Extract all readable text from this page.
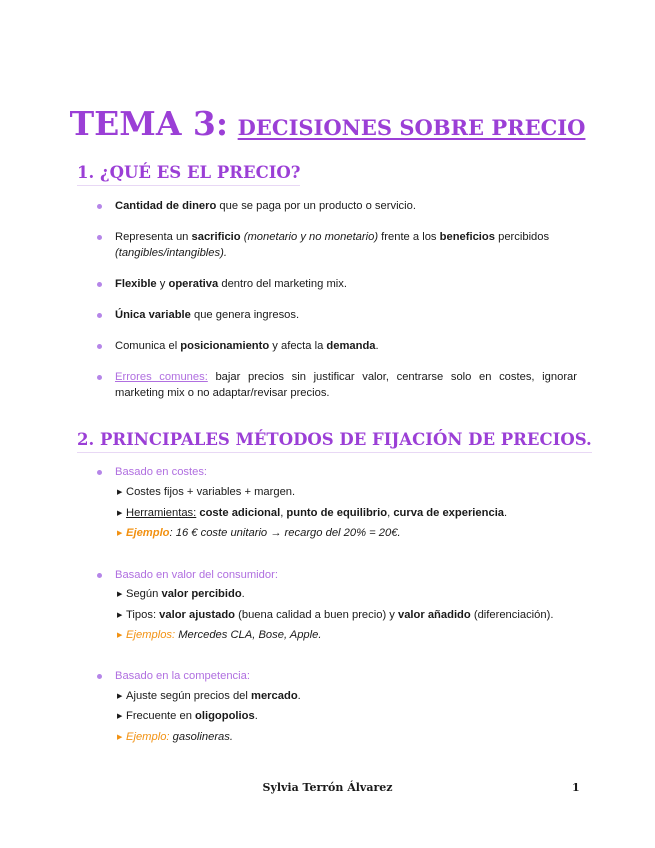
TEMA 3: DECISIONES SOBRE PRECIO
1. ¿QUÉ ES EL PRECIO?
Cantidad de dinero que se paga por un producto o servicio.
Representa un sacrificio (monetario y no monetario) frente a los beneficios percibidos
(tangibles/intangibles).
Flexible y operativa dentro del marketing mix.
Única variable que genera ingresos.
Comunica el posicionamiento y afecta la demanda.
Errores comunes: bajar precios sin justificar valor, centrarse solo en costes, ignorar marketing mix o no adaptar/revisar precios.
2. PRINCIPALES MÉTODOS DE FIJACIÓN DE PRECIOS.
Basado en costes:
▶ Costes fijos + variables + margen.
▶ Herramientas: coste adicional, punto de equilibrio, curva de experiencia.
▶ Ejemplo: 16 € coste unitario → recargo del 20% = 20€.
Basado en valor del consumidor:
▶ Según valor percibido.
▶ Tipos: valor ajustado (buena calidad a buen precio) y valor añadido (diferenciación).
▶ Ejemplos: Mercedes CLA, Bose, Apple.
Basado en la competencia:
▶ Ajuste según precios del mercado.
▶ Frecuente en oligopolios.
▶ Ejemplo: gasolineras.
Sylvia Terrón Álvarez	1
